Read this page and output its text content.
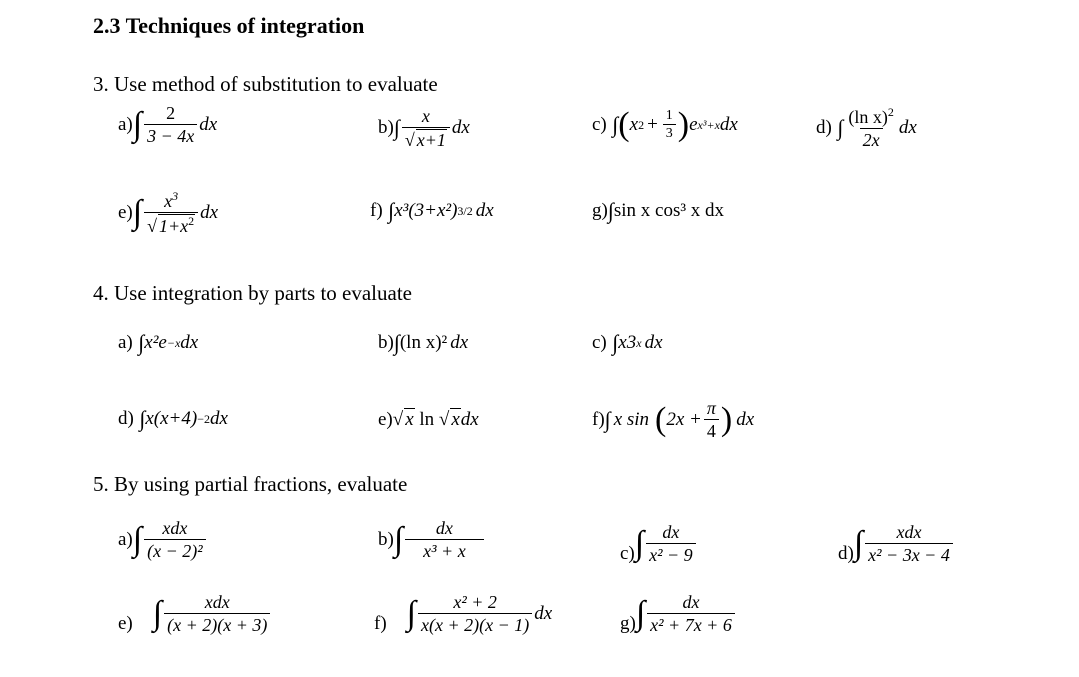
2.3 Techniques of integration
3. Use method of substitution to evaluate
a) ∫ $\frac{2}{3 - 4x}$ dx	b) ∫ $\frac{x}{√ x+1}$ dx	c) ∫ ( x $2 + \frac{1}{3}$ ) e x³+x dx	d) ∫ $\frac{(\ln x)^2}{2x}$ dx
e) ∫ $\frac{x^3}{√ 1+x^2}$ dx	f) ∫ x³(3+x²) 3/2 dx	g) ∫ sin x cos³ x dx
4. Use integration by parts to evaluate
a) ∫ x²e −x dx	b) ∫ (ln x)² dx	c) ∫ x3 x dx
d) ∫ x(x+4) −2 dx	e) √ x ln √ x dx	f) ∫ x sin ( $2x + \frac{\pi}{4}$ ) dx
5. By using partial fractions, evaluate
a) ∫ $\frac{\text{xdx}}{\text{(x − 2)²}}$	b) ∫ $\frac{dx}{\text{x³ + x}}$	c) ∫ $\frac{dx}{\text{x² − 9}}$	d) ∫ $\frac{\text{xdx}}{\text{x² − 3x − 4}}$
e) ∫ $\frac{\text{xdx}}{(x + 2)(x + 3)}$	f) ∫ $\frac{\text{x² + 2}}{x(x + 2)(x - 1)}$ dx
g) ∫ $\frac{dx}{\text{x² + 7x + 6}}$
